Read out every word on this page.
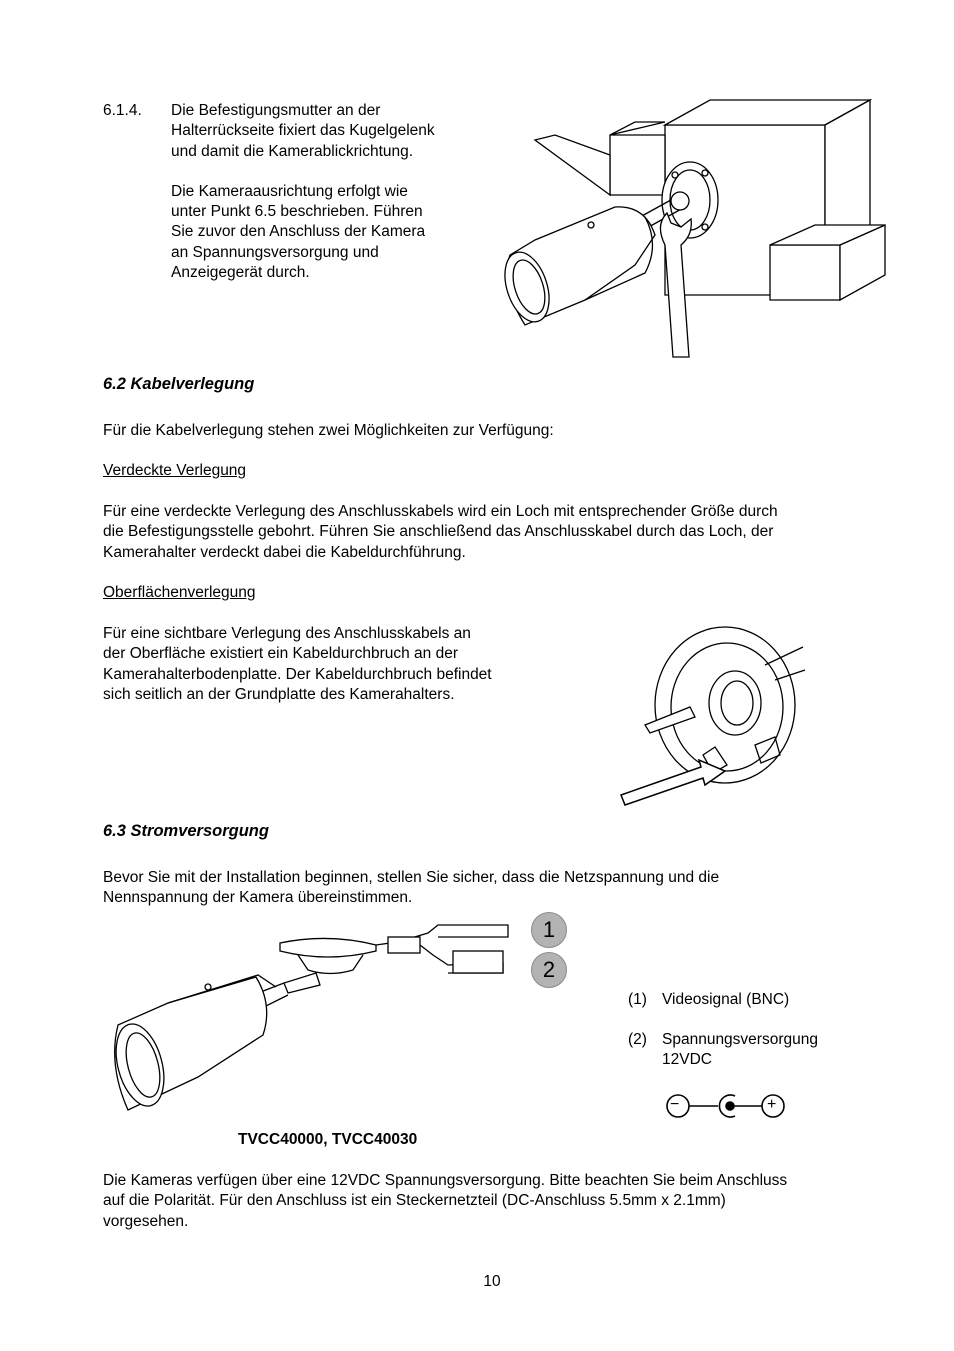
6.1.4. Die Befestigungsmutter an der
Halterrückseite fixiert das Kugelgelenk
und damit die Kamerablickrichtung.
Die Kameraausrichtung erfolgt wie
unter Punkt 6.5 beschrieben. Führen
Sie zuvor den Anschluss der Kamera
an Spannungsversorgung und
Anzeigegerät durch.
6.2 Kabelverlegung
Für die Kabelverlegung stehen zwei Möglichkeiten zur Verfügung:
Verdeckte Verlegung
Für eine verdeckte Verlegung des Anschlusskabels wird ein Loch mit entsprechender Größe durch
die Befestigungsstelle gebohrt. Führen Sie anschließend das Anschlusskabel durch das Loch, der
Kamerahalter verdeckt dabei die Kabeldurchführung.
Oberflächenverlegung
Für eine sichtbare Verlegung des Anschlusskabels an
der Oberfläche existiert ein Kabeldurchbruch an der
Kamerahalterbodenplatte. Der Kabeldurchbruch befindet
sich seitlich an der Grundplatte des Kamerahalters.
6.3 Stromversorgung
Bevor Sie mit der Installation beginnen, stellen Sie sicher, dass die Netzspannung und die
Nennspannung der Kamera übereinstimmen.
1
2
(1) Videosignal (BNC)
(2) Spannungsversorgung
12VDC
−	+
TVCC40000, TVCC40030
Die Kameras verfügen über eine 12VDC Spannungsversorgung. Bitte beachten Sie beim Anschluss
auf die Polarität. Für den Anschluss ist ein Steckernetzteil (DC-Anschluss 5.5mm x 2.1mm)
vorgesehen.
10
